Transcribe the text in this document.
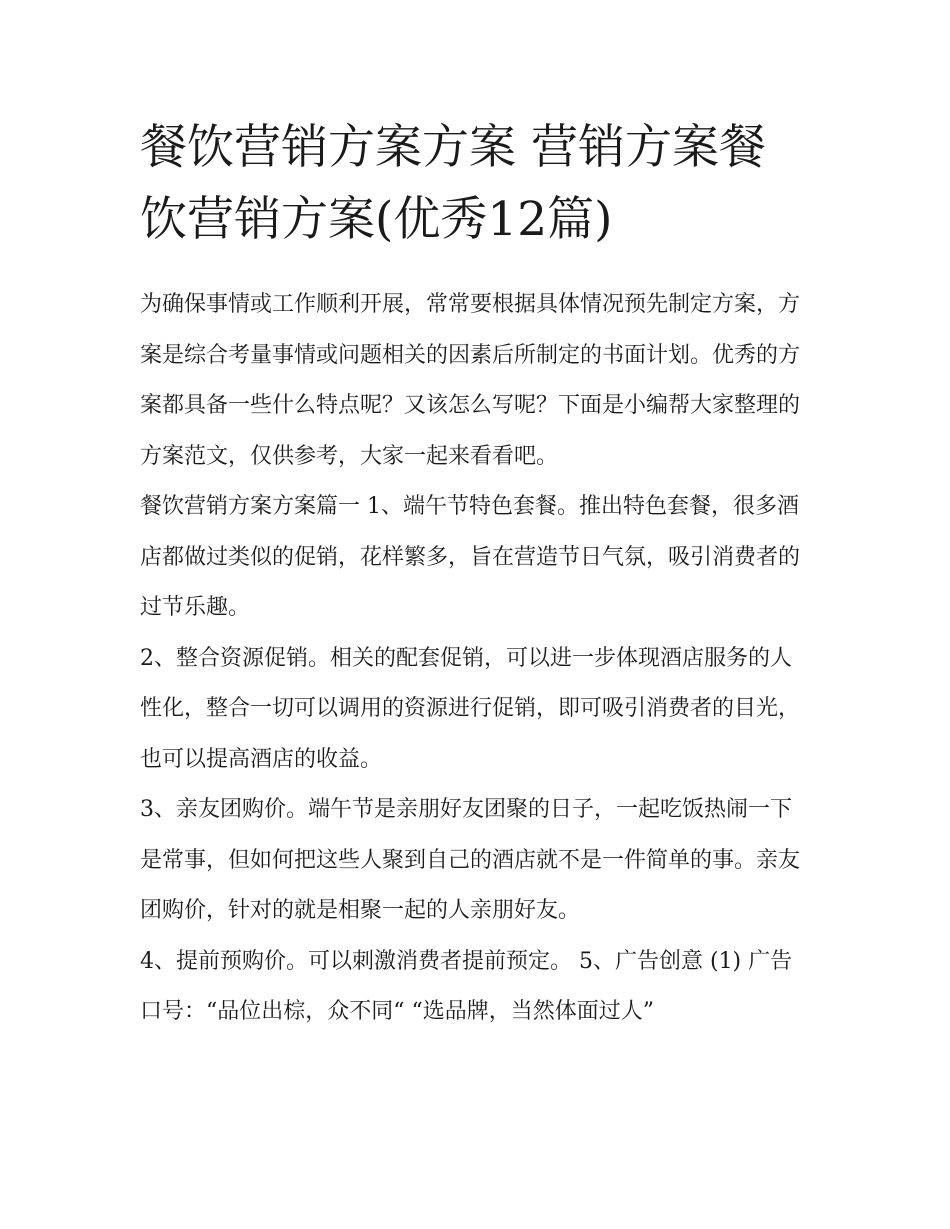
餐饮营销方案方案 营销方案餐饮营销方案(优秀12篇)

为确保事情或工作顺利开展，常常要根据具体情况预先制定方案，方案是综合考量事情或问题相关的因素后所制定的书面计划。优秀的方案都具备一些什么特点呢？又该怎么写呢？下面是小编帮大家整理的方案范文，仅供参考，大家一起来看看吧。

餐饮营销方案方案篇一 1、端午节特色套餐。推出特色套餐，很多酒店都做过类似的促销，花样繁多，旨在营造节日气氛，吸引消费者的过节乐趣。

2、整合资源促销。相关的配套促销，可以进一步体现酒店服务的人性化，整合一切可以调用的资源进行促销，即可吸引消费者的目光，也可以提高酒店的收益。

3、亲友团购价。端午节是亲朋好友团聚的日子，一起吃饭热闹一下是常事，但如何把这些人聚到自己的酒店就不是一件简单的事。亲友团购价，针对的就是相聚一起的人亲朋好友。

4、提前预购价。可以刺激消费者提前预定。 5、广告创意 (1) 广告口号：“品位出棕，众不同“ “选品牌，当然体面过人”
